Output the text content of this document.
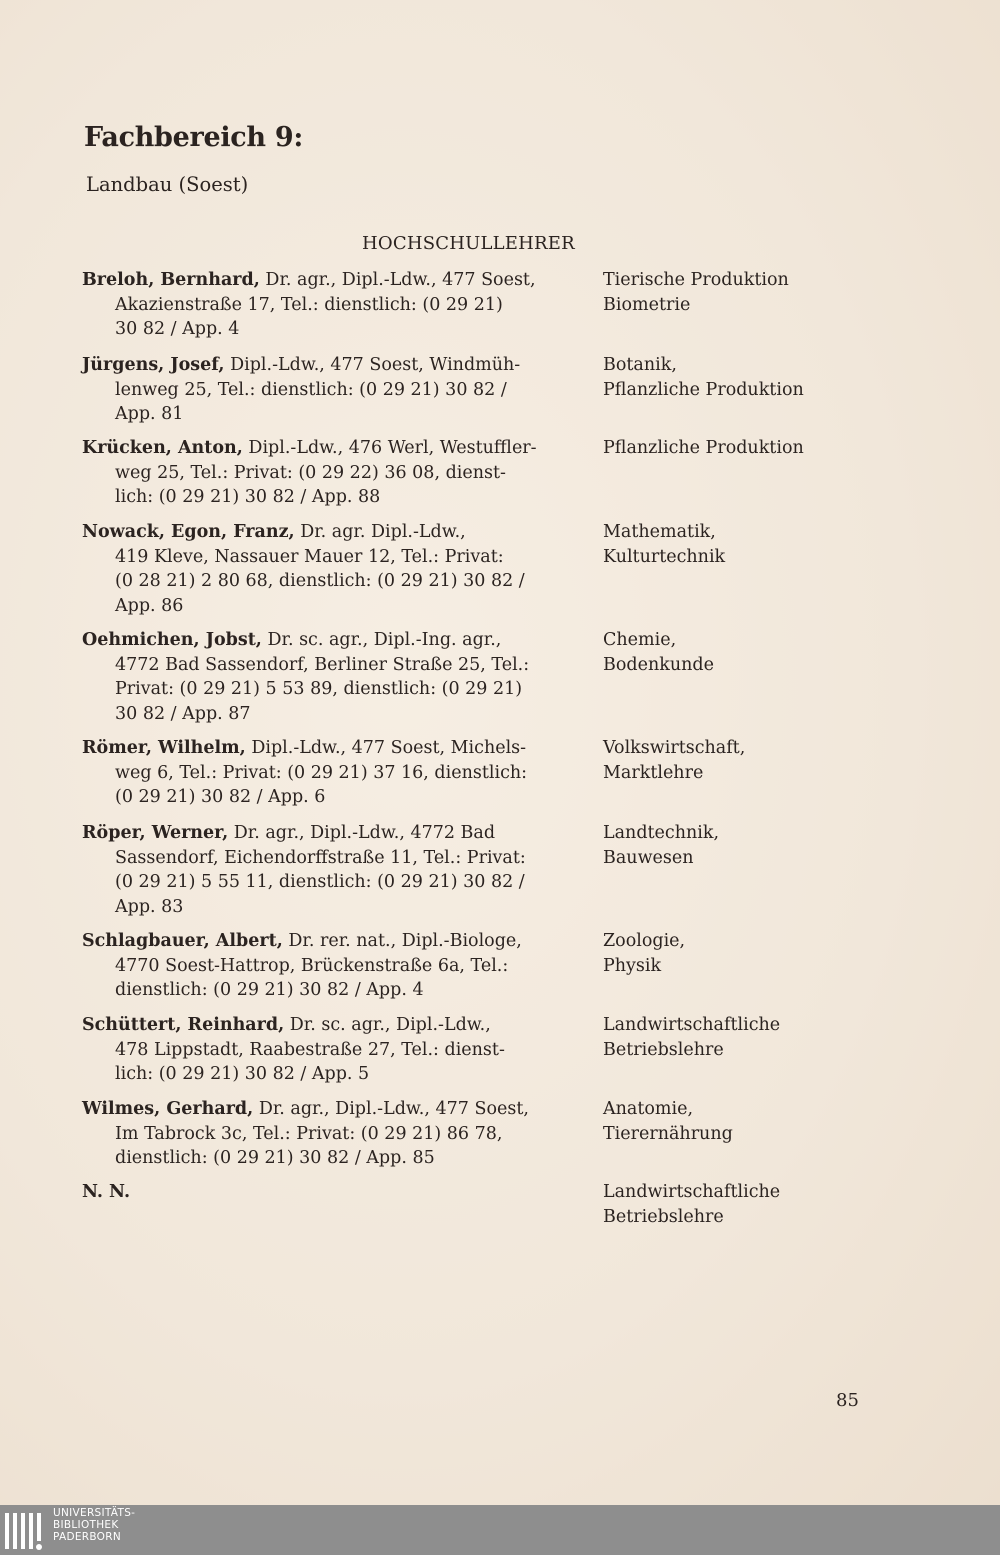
Fachbereich 9:
Landbau (Soest)
HOCHSCHULLEHRER
Breloh, Bernhard, Dr. agr., Dipl.-Ldw., 477 Soest,
Akazienstraße 17, Tel.: dienstlich: (0 29 21)
30 82 / App. 4
Tierische Produktion
Biometrie
Jürgens, Josef, Dipl.-Ldw., 477 Soest, Windmüh-
lenweg 25, Tel.: dienstlich: (0 29 21) 30 82 /
App. 81
Botanik,
Pflanzliche Produktion
Krücken, Anton, Dipl.-Ldw., 476 Werl, Westuffler-
weg 25, Tel.: Privat: (0 29 22) 36 08, dienst-
lich: (0 29 21) 30 82 / App. 88
Pflanzliche Produktion
Nowack, Egon, Franz, Dr. agr. Dipl.-Ldw.,
419 Kleve, Nassauer Mauer 12, Tel.: Privat:
(0 28 21) 2 80 68, dienstlich: (0 29 21) 30 82 /
App. 86
Mathematik,
Kulturtechnik
Oehmichen, Jobst, Dr. sc. agr., Dipl.-Ing. agr.,
4772 Bad Sassendorf, Berliner Straße 25, Tel.:
Privat: (0 29 21) 5 53 89, dienstlich: (0 29 21)
30 82 / App. 87
Chemie,
Bodenkunde
Römer, Wilhelm, Dipl.-Ldw., 477 Soest, Michels-
weg 6, Tel.: Privat: (0 29 21) 37 16, dienstlich:
(0 29 21) 30 82 / App. 6
Volkswirtschaft,
Marktlehre
Röper, Werner, Dr. agr., Dipl.-Ldw., 4772 Bad
Sassendorf, Eichendorffstraße 11, Tel.: Privat:
(0 29 21) 5 55 11, dienstlich: (0 29 21) 30 82 /
App. 83
Landtechnik,
Bauwesen
Schlagbauer, Albert, Dr. rer. nat., Dipl.-Biologe,
4770 Soest-Hattrop, Brückenstraße 6a, Tel.:
dienstlich: (0 29 21) 30 82 / App. 4
Zoologie,
Physik
Schüttert, Reinhard, Dr. sc. agr., Dipl.-Ldw.,
478 Lippstadt, Raabestraße 27, Tel.: dienst-
lich: (0 29 21) 30 82 / App. 5
Landwirtschaftliche
Betriebslehre
Wilmes, Gerhard, Dr. agr., Dipl.-Ldw., 477 Soest,
Im Tabrock 3c, Tel.: Privat: (0 29 21) 86 78,
dienstlich: (0 29 21) 30 82 / App. 85
Anatomie,
Tierernährung
N. N.	Landwirtschaftliche
Betriebslehre
85
UNIVERSITÄTS-
BIBLIOTHEK
PADERBORN
